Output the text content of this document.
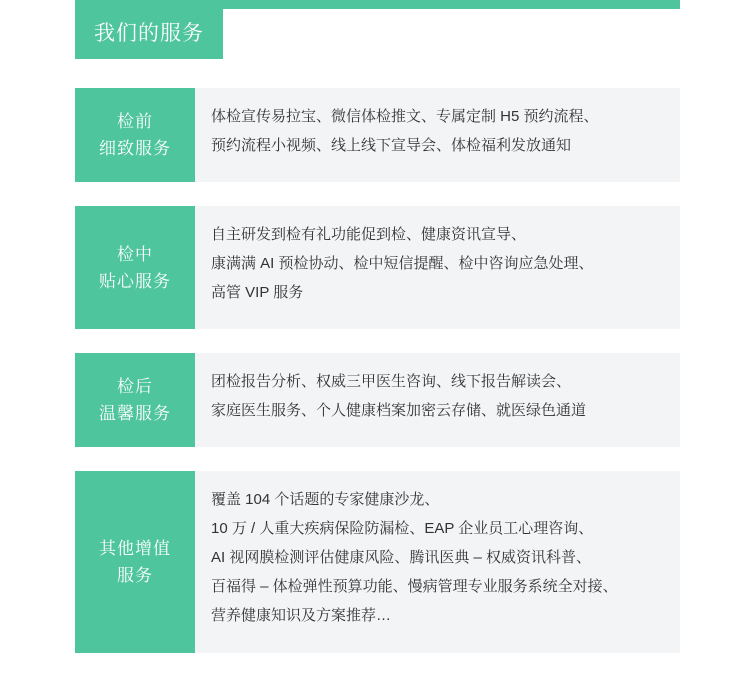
我们的服务
检前
细致服务
体检宣传易拉宝、微信体检推文、专属定制 H5 预约流程、
预约流程小视频、线上线下宣导会、体检福利发放通知
检中
贴心服务
自主研发到检有礼功能促到检、健康资讯宣导、
康满满 AI 预检协动、检中短信提醒、检中咨询应急处理、
高管 VIP 服务
检后
温馨服务
团检报告分析、权威三甲医生咨询、线下报告解读会、
家庭医生服务、个人健康档案加密云存储、就医绿色通道
其他增值
服务
覆盖 104 个话题的专家健康沙龙、
10 万 / 人重大疾病保险防漏检、EAP 企业员工心理咨询、
AI 视网膜检测评估健康风险、腾讯医典 – 权威资讯科普、
百福得 – 体检弹性预算功能、慢病管理专业服务系统全对接、
营养健康知识及方案推荐…
